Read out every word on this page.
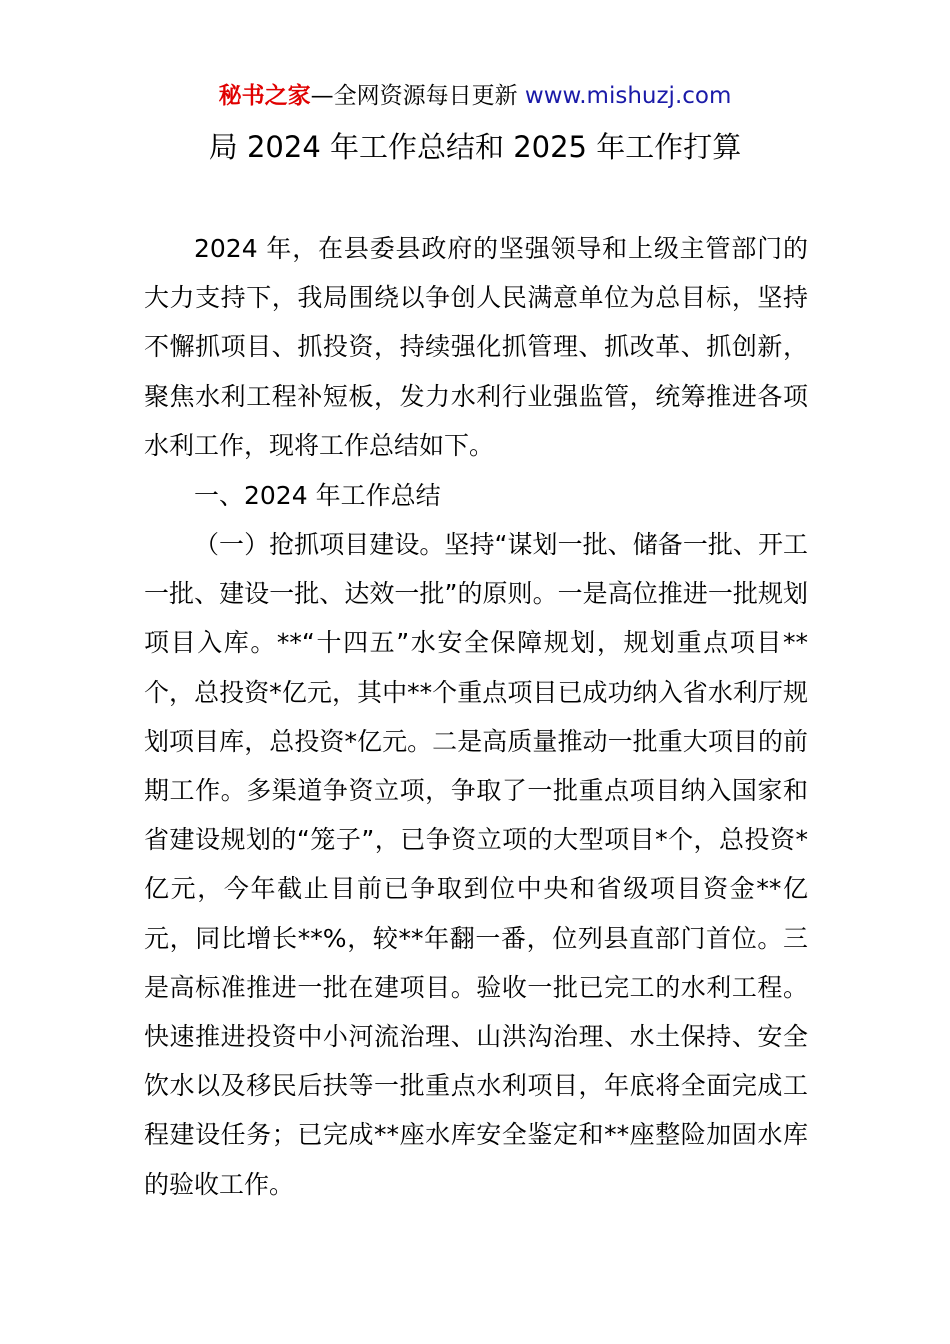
秘书之家—全网资源每日更新 www.mishuzj.com
局 2024 年工作总结和 2025 年工作打算
2024 年，在县委县政府的坚强领导和上级主管部门的大力支持下，我局围绕以争创人民满意单位为总目标，坚持不懈抓项目、抓投资，持续强化抓管理、抓改革、抓创新，聚焦水利工程补短板，发力水利行业强监管，统筹推进各项水利工作，现将工作总结如下。
一、2024 年工作总结
（一）抢抓项目建设。坚持“谋划一批、储备一批、开工一批、建设一批、达效一批”的原则。一是高位推进一批规划项目入库。**“十四五”水安全保障规划，规划重点项目**个，总投资*亿元，其中**个重点项目已成功纳入省水利厅规划项目库，总投资*亿元。二是高质量推动一批重大项目的前期工作。多渠道争资立项，争取了一批重点项目纳入国家和省建设规划的“笼子”，已争资立项的大型项目*个，总投资*亿元，今年截止目前已争取到位中央和省级项目资金**亿元，同比增长**%，较**年翻一番，位列县直部门首位。三是高标准推进一批在建项目。验收一批已完工的水利工程。快速推进投资中小河流治理、山洪沟治理、水土保持、安全饮水以及移民后扶等一批重点水利项目，年底将全面完成工程建设任务；已完成**座水库安全鉴定和**座整险加固水库的验收工作。
